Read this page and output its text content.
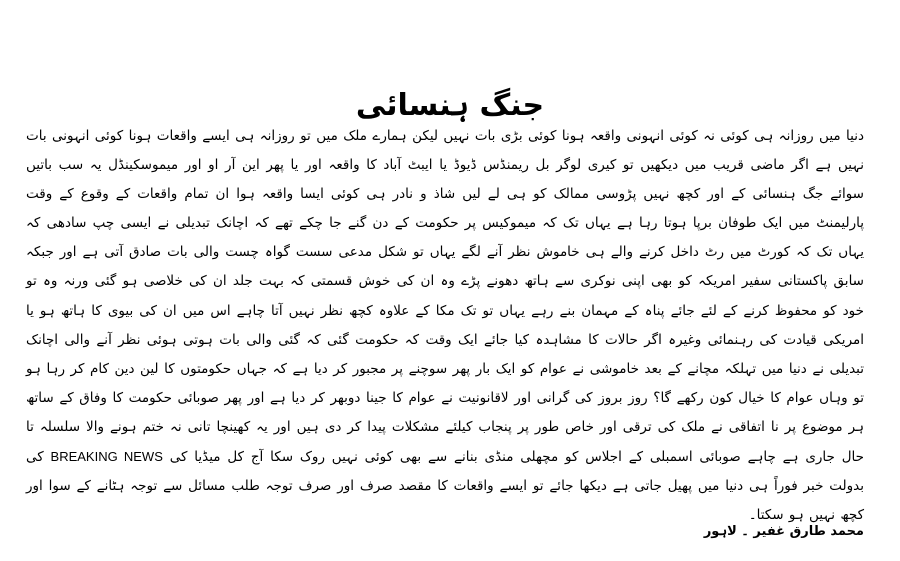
جنگ ہنسائی

دنیا میں روزانہ ہی کوئی نہ کوئی انہونی واقعہ ہونا کوئی بڑی بات نہیں لیکن ہمارے ملک میں تو روزانہ ہی ایسے واقعات ہونا کوئی انہونی بات نہیں ہے اگر ماضی قریب میں دیکھیں تو کیری لوگر بل ریمنڈس ڈیوڈ یا ایبٹ آباد کا واقعہ اور یا پھر این آر او اور میموسکینڈل یہ سب باتیں سوائے جگ ہنسائی کے اور کچھ نہیں پڑوسی ممالک کو ہی لے لیں شاذ و نادر ہی کوئی ایسا واقعہ ہوا ان تمام واقعات کے وقوع کے وقت پارلیمنٹ میں ایک طوفان برپا ہوتا رہا ہے یہاں تک کہ میموکیس پر حکومت کے دن گنے جا چکے تھے کہ اچانک تبدیلی نے ایسی چپ سادھی کہ یہاں تک کہ کورٹ میں رٹ داخل کرنے والے ہی خاموش نظر آنے لگے یہاں تو شکل مدعی سست گواہ چست والی بات صادق آتی ہے اور جبکہ سابق پاکستانی سفیر امریکہ کو بھی اپنی نوکری سے ہاتھ دھونے پڑے وہ ان کی خوش قسمتی کہ بہت جلد ان کی خلاصی ہو گئی ورنہ وہ تو خود کو محفوظ کرنے کے لئے جائے پناہ کے مہمان بنے رہے یہاں تو تک مکا کے علاوہ کچھ نظر نہیں آتا چاہے اس میں ان کی بیوی کا ہاتھ ہو یا امریکی قیادت کی رہنمائی وغیرہ اگر حالات کا مشاہدہ کیا جائے ایک وقت کہ حکومت گئی کہ گئی والی بات ہوتی ہوئی نظر آنے والی اچانک تبدیلی نے دنیا میں تہلکہ مچانے کے بعد خاموشی نے عوام کو ایک بار پھر سوچنے پر مجبور کر دیا ہے کہ جہاں حکومتوں کا لین دین کام کر رہا ہو تو وہاں عوام کا خیال کون رکھے گا؟ روز بروز کی گرانی اور لاقانونیت نے عوام کا جینا دوبھر کر دیا ہے اور پھر صوبائی حکومت کا وفاق کے ساتھ ہر موضوع پر نا اتفاقی نے ملک کی ترقی اور خاص طور پر پنجاب کیلئے مشکلات پیدا کر دی ہیں اور یہ کھینچا تانی نہ ختم ہونے والا سلسلہ تا حال جاری ہے چاہے صوبائی اسمبلی کے اجلاس کو مچھلی منڈی بنانے سے بھی کوئی نہیں روک سکا آج کل میڈیا کی BREAKING NEWS کی بدولت خبر فوراً ہی دنیا میں پھیل جاتی ہے دیکھا جائے تو ایسے واقعات کا مقصد صرف اور صرف توجہ طلب مسائل سے توجہ ہٹانے کے سوا اور کچھ نہیں ہو سکتا۔

محمد طارق غفیر ۔ لاہور
